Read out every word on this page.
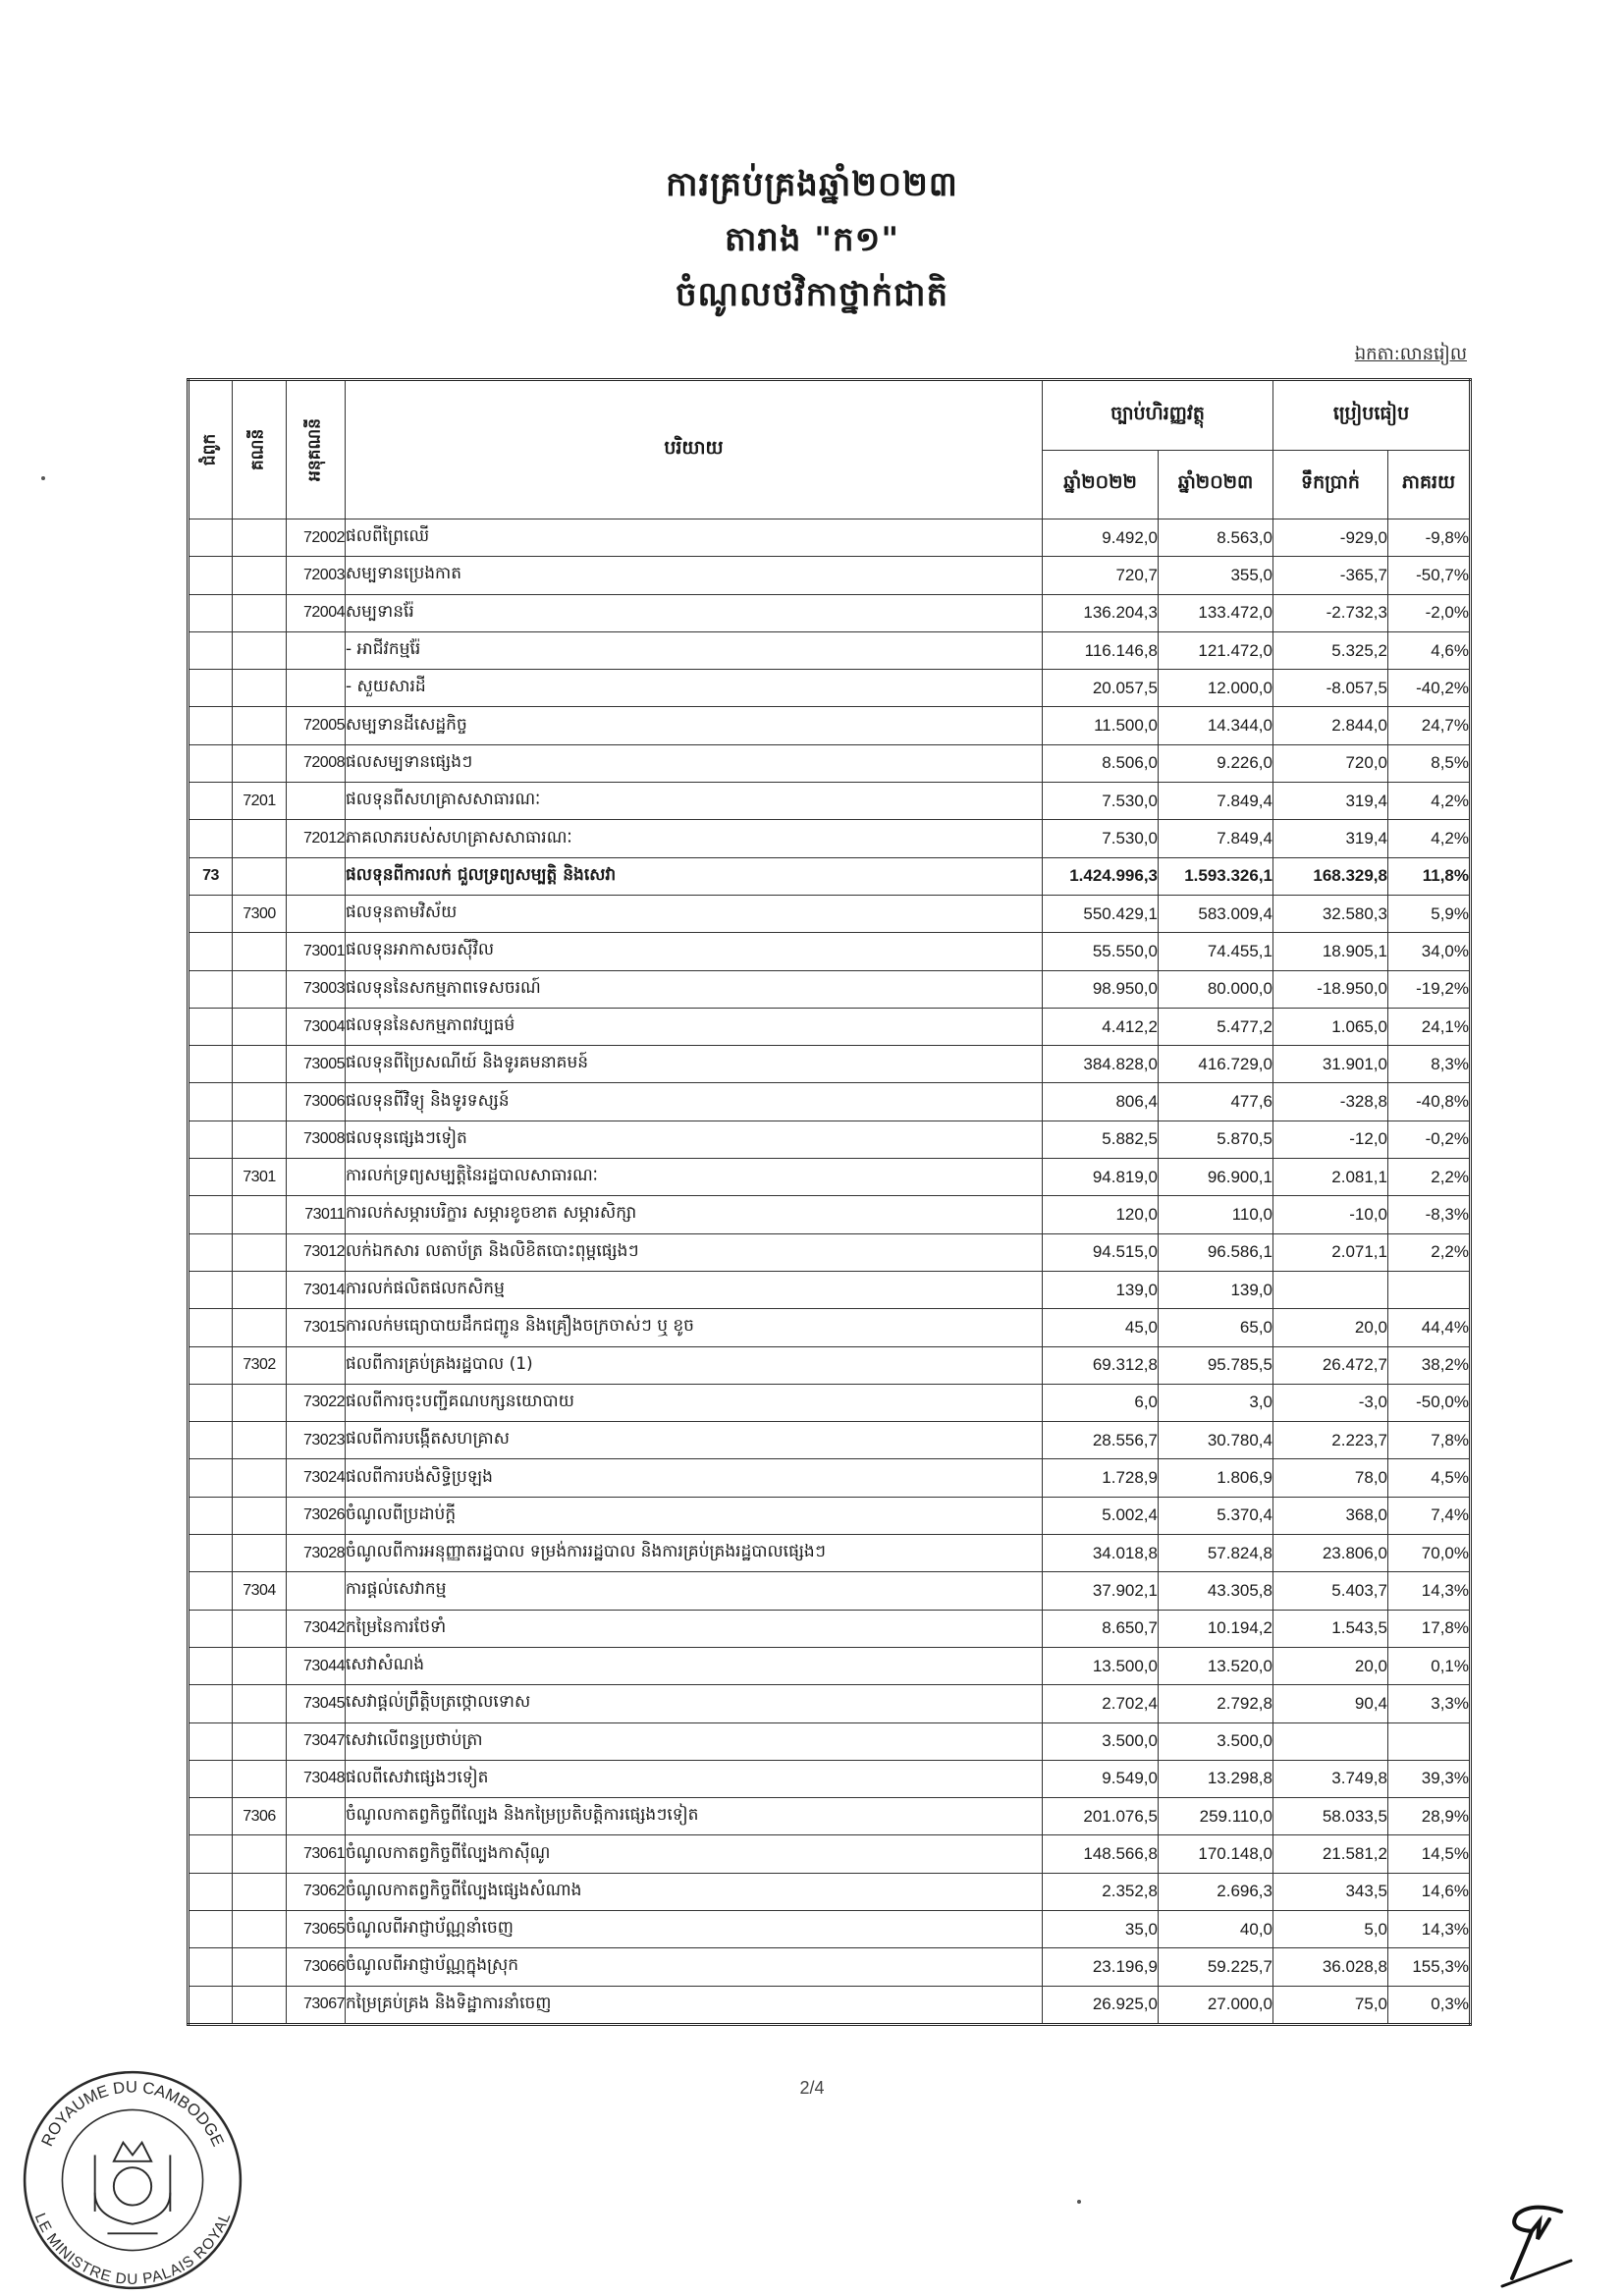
ការគ្រប់គ្រងឆ្នាំ២០២៣
តារាង "ក១"
ចំណូលថវិកាថ្នាក់ជាតិ
ឯកតា:លានរៀល
ជំពូក	គណនី	អនុគណនី	បរិយាយ	ច្បាប់ហិរញ្ញវត្ថុ		ប្រៀបធៀប	
				ឆ្នាំ២០២២	ឆ្នាំ២០២៣	ទឹកប្រាក់	ភាគរយ
		72002	ផលពីព្រៃឈើ	9.492,0	8.563,0	-929,0	-9,8%
		72003	សម្បទានប្រេងកាត	720,7	355,0	-365,7	-50,7%
		72004	សម្បទានរ៉ែ	136.204,3	133.472,0	-2.732,3	-2,0%
			- អាជីវកម្មរ៉ែ	116.146,8	121.472,0	5.325,2	4,6%
			- សួយសារដី	20.057,5	12.000,0	-8.057,5	-40,2%
		72005	សម្បទានដីសេដ្ឋកិច្ច	11.500,0	14.344,0	2.844,0	24,7%
		72008	ផលសម្បទានផ្សេងៗ	8.506,0	9.226,0	720,0	8,5%
	7201		ផលទុនពីសហគ្រាសសាធារណៈ	7.530,0	7.849,4	319,4	4,2%
		72012	ភាគលាភរបស់សហគ្រាសសាធារណៈ	7.530,0	7.849,4	319,4	4,2%
73			ផលទុនពីការលក់ ជួលទ្រព្យសម្បត្តិ និងសេវា	1.424.996,3	1.593.326,1	168.329,8	11,8%
	7300		ផលទុនតាមវិស័យ	550.429,1	583.009,4	32.580,3	5,9%
		73001	ផលទុនអាកាសចរស៊ីវិល	55.550,0	74.455,1	18.905,1	34,0%
		73003	ផលទុននៃសកម្មភាពទេសចរណ៍	98.950,0	80.000,0	-18.950,0	-19,2%
		73004	ផលទុននៃសកម្មភាពវប្បធម៌	4.412,2	5.477,2	1.065,0	24,1%
		73005	ផលទុនពីប្រៃសណីយ៍ និងទូរគមនាគមន៍	384.828,0	416.729,0	31.901,0	8,3%
		73006	ផលទុនពីវិទ្យុ និងទូរទស្សន៍	806,4	477,6	-328,8	-40,8%
		73008	ផលទុនផ្សេងៗទៀត	5.882,5	5.870,5	-12,0	-0,2%
	7301		ការលក់ទ្រព្យសម្បត្តិនៃរដ្ឋបាលសាធារណៈ	94.819,0	96.900,1	2.081,1	2,2%
		73011	ការលក់សម្ភារបរិក្ខារ សម្ភារខូចខាត សម្ភារសិក្សា	120,0	110,0	-10,0	-8,3%
		73012	លក់ឯកសារ លតាប័ត្រ និងលិខិតបោះពុម្ពផ្សេងៗ	94.515,0	96.586,1	2.071,1	2,2%
		73014	ការលក់ផលិតផលកសិកម្ម	139,0	139,0		
		73015	ការលក់មធ្យោបាយដឹកជញ្ជូន និងគ្រឿងចក្រចាស់ៗ ឬ ខូច	45,0	65,0	20,0	44,4%
	7302		ផលពីការគ្រប់គ្រងរដ្ឋបាល (1)	69.312,8	95.785,5	26.472,7	38,2%
		73022	ផលពីការចុះបញ្ជីគណបក្សនយោបាយ	6,0	3,0	-3,0	-50,0%
		73023	ផលពីការបង្កើតសហគ្រាស	28.556,7	30.780,4	2.223,7	7,8%
		73024	ផលពីការបង់សិទ្ធិប្រឡង	1.728,9	1.806,9	78,0	4,5%
		73026	ចំណូលពីប្រដាប់ក្តី	5.002,4	5.370,4	368,0	7,4%
		73028	ចំណូលពីការអនុញ្ញាតរដ្ឋបាល ទម្រង់ការរដ្ឋបាល និងការគ្រប់គ្រងរដ្ឋបាលផ្សេងៗ	34.018,8	57.824,8	23.806,0	70,0%
	7304		ការផ្តល់សេវាកម្ម	37.902,1	43.305,8	5.403,7	14,3%
		73042	កម្រៃនៃការថែទាំ	8.650,7	10.194,2	1.543,5	17,8%
		73044	សេវាសំណង់	13.500,0	13.520,0	20,0	0,1%
		73045	សេវាផ្តល់ព្រឹត្តិបត្រថ្កោលទោស	2.702,4	2.792,8	90,4	3,3%
		73047	សេវាលើពន្ធប្រថាប់ត្រា	3.500,0	3.500,0		
		73048	ផលពីសេវាផ្សេងៗទៀត	9.549,0	13.298,8	3.749,8	39,3%
	7306		ចំណូលកាតព្វកិច្ចពីល្បែង និងកម្រៃប្រតិបត្តិការផ្សេងៗទៀត	201.076,5	259.110,0	58.033,5	28,9%
		73061	ចំណូលកាតព្វកិច្ចពីល្បែងកាស៊ីណូ	148.566,8	170.148,0	21.581,2	14,5%
		73062	ចំណូលកាតព្វកិច្ចពីល្បែងផ្សេងសំណាង	2.352,8	2.696,3	343,5	14,6%
		73065	ចំណូលពីអាជ្ញាប័ណ្ណនាំចេញ	35,0	40,0	5,0	14,3%
		73066	ចំណូលពីអាជ្ញាប័ណ្ណក្នុងស្រុក	23.196,9	59.225,7	36.028,8	155,3%
		73067	កម្រៃគ្រប់គ្រង និងទិដ្ឋាការនាំចេញ	26.925,0	27.000,0	75,0	0,3%
2/4
ROYAUME DU CAMBODGE
LE MINISTRE DU PALAIS ROYAL
